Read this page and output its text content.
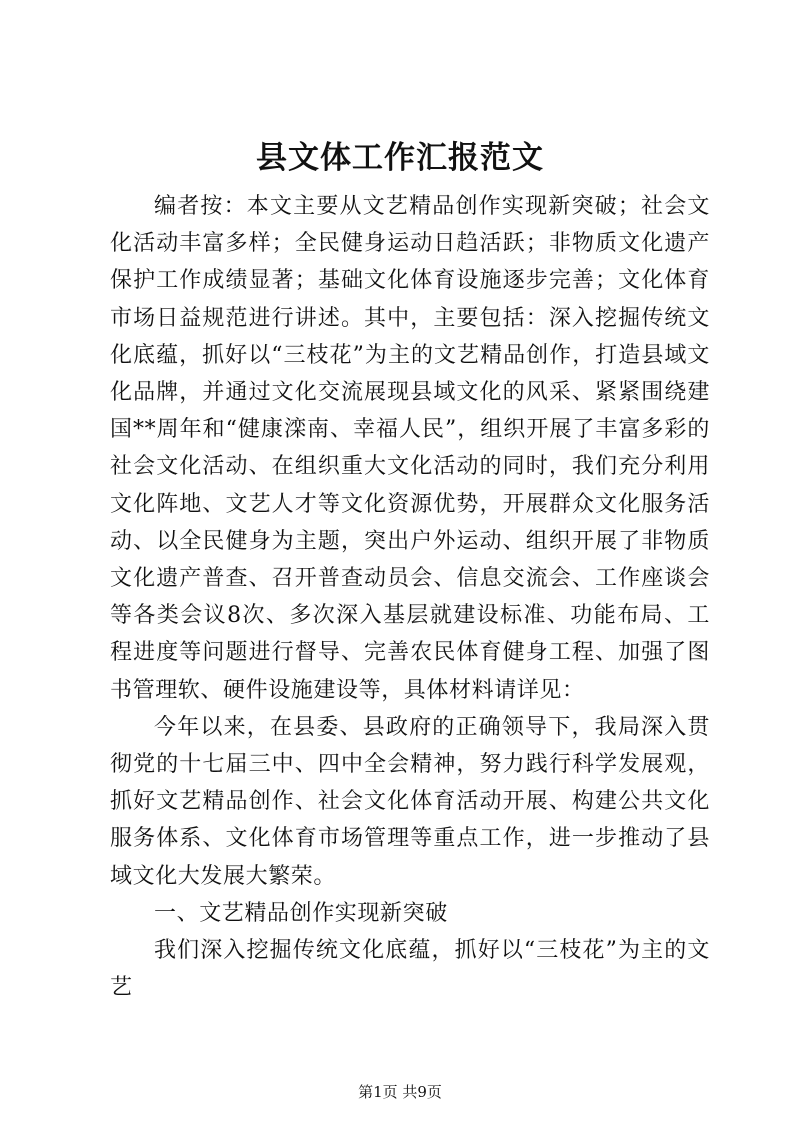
县文体工作汇报范文

编者按：本文主要从文艺精品创作实现新突破；社会文化活动丰富多样；全民健身运动日趋活跃；非物质文化遗产保护工作成绩显著；基础文化体育设施逐步完善；文化体育市场日益规范进行讲述。其中，主要包括：深入挖掘传统文化底蕴，抓好以“三枝花”为主的文艺精品创作，打造县域文化品牌，并通过文化交流展现县域文化的风采、紧紧围绕建国**周年和“健康滦南、幸福人民”，组织开展了丰富多彩的社会文化活动、在组织重大文化活动的同时，我们充分利用文化阵地、文艺人才等文化资源优势，开展群众文化服务活动、以全民健身为主题，突出户外运动、组织开展了非物质文化遗产普查、召开普查动员会、信息交流会、工作座谈会等各类会议8次、多次深入基层就建设标准、功能布局、工程进度等问题进行督导、完善农民体育健身工程、加强了图书管理软、硬件设施建设等，具体材料请详见：

今年以来，在县委、县政府的正确领导下，我局深入贯彻党的十七届三中、四中全会精神，努力践行科学发展观，抓好文艺精品创作、社会文化体育活动开展、构建公共文化服务体系、文化体育市场管理等重点工作，进一步推动了县域文化大发展大繁荣。

一、文艺精品创作实现新突破

我们深入挖掘传统文化底蕴，抓好以“三枝花”为主的文艺

第1页 共9页
